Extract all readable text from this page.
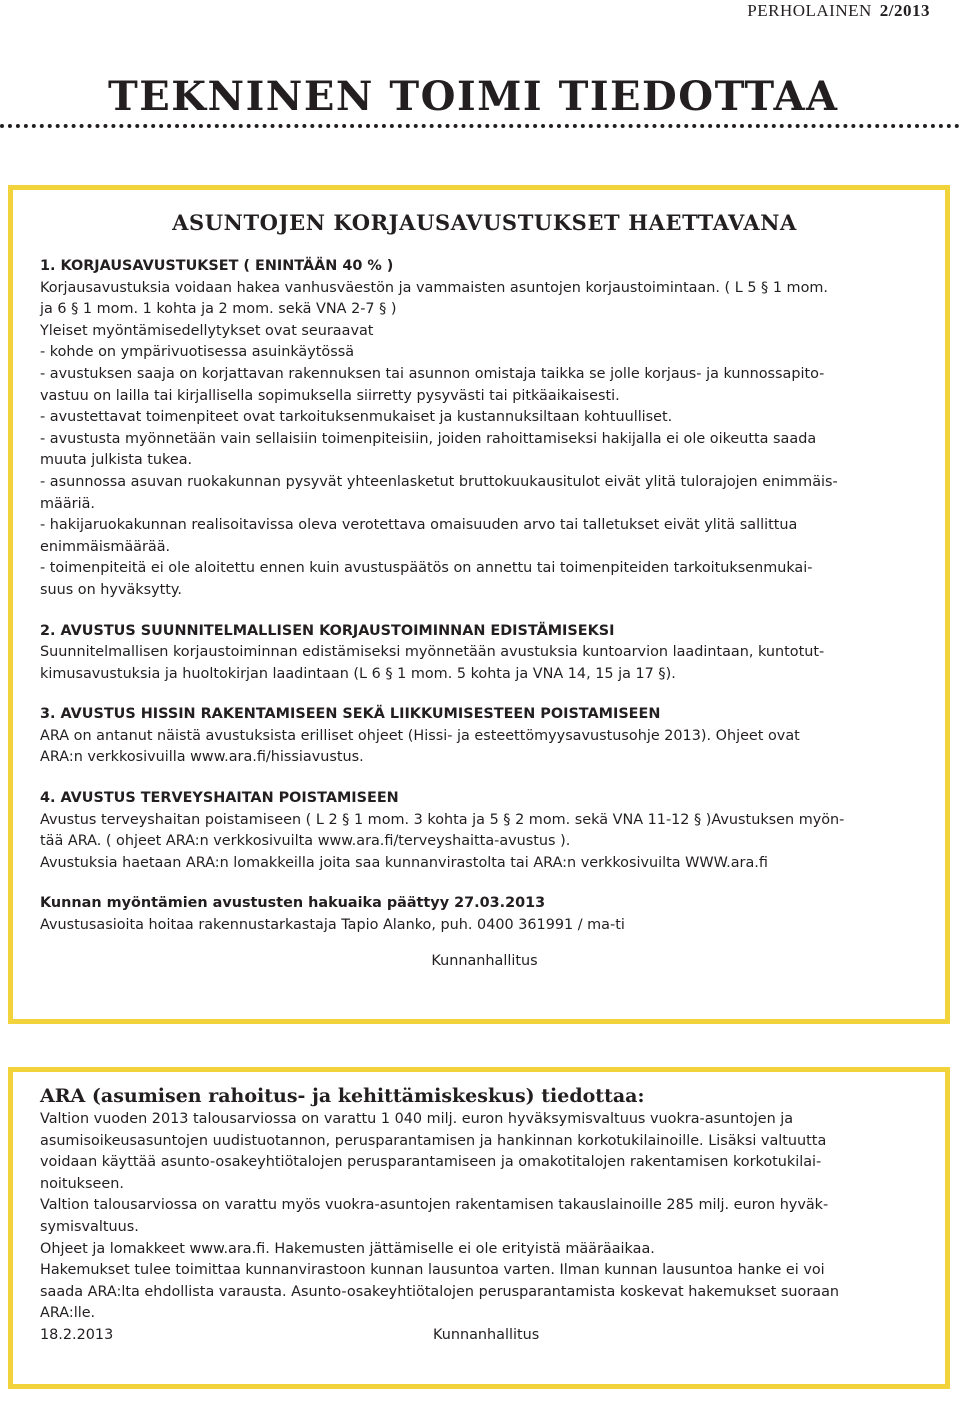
PERHOLAINEN 2/2013
TEKNINEN TOIMI TIEDOTTAA
ASUNTOJEN KORJAUSAVUSTUKSET HAETTAVANA
1. KORJAUSAVUSTUKSET ( ENINTÄÄN 40 % )
Korjausavustuksia voidaan hakea vanhusväestön ja vammaisten asuntojen korjaustoimintaan. ( L 5 § 1 mom.
ja 6 § 1 mom. 1 kohta ja 2 mom. sekä VNA 2-7 § )
Yleiset myöntämisedellytykset ovat seuraavat
- kohde on ympärivuotisessa asuinkäytössä
- avustuksen saaja on korjattavan rakennuksen tai asunnon omistaja taikka se jolle korjaus- ja kunnossapito-
vastuu on lailla tai kirjallisella sopimuksella siirretty pysyvästi tai pitkäaikaisesti.
- avustettavat toimenpiteet ovat tarkoituksenmukaiset ja kustannuksiltaan kohtuulliset.
- avustusta myönnetään vain sellaisiin toimenpiteisiin, joiden rahoittamiseksi hakijalla ei ole oikeutta saada
muuta julkista tukea.
- asunnossa asuvan ruokakunnan pysyvät yhteenlasketut bruttokuukausitulot eivät ylitä tulorajojen enimmäis-
määriä.
- hakijaruokakunnan realisoitavissa oleva verotettava omaisuuden arvo tai talletukset eivät ylitä sallittua
enimmäismäärää.
- toimenpiteitä ei ole aloitettu ennen kuin avustuspäätös on annettu tai toimenpiteiden tarkoituksenmukai-
suus on hyväksytty.
2. AVUSTUS SUUNNITELMALLISEN KORJAUSTOIMINNAN EDISTÄMISEKSI
Suunnitelmallisen korjaustoiminnan edistämiseksi myönnetään avustuksia kuntoarvion laadintaan, kuntotut-
kimusavustuksia ja huoltokirjan laadintaan (L 6 § 1 mom. 5 kohta ja VNA 14, 15 ja 17 §).
3. AVUSTUS HISSIN RAKENTAMISEEN SEKÄ LIIKKUMISESTEEN POISTAMISEEN
ARA on antanut näistä avustuksista erilliset ohjeet (Hissi- ja esteettömyysavustusohje 2013). Ohjeet ovat
ARA:n verkkosivuilla www.ara.fi/hissiavustus.
4. AVUSTUS TERVEYSHAITAN POISTAMISEEN
Avustus terveyshaitan poistamiseen ( L 2 § 1 mom. 3 kohta ja 5 § 2 mom. sekä VNA 11-12 § )Avustuksen myön-
tää ARA. ( ohjeet ARA:n verkkosivuilta www.ara.fi/terveyshaitta-avustus ).
Avustuksia haetaan ARA:n lomakkeilla joita saa kunnanvirastolta tai ARA:n verkkosivuilta WWW.ara.fi
Kunnan myöntämien avustusten hakuaika päättyy 27.03.2013
Avustusasioita hoitaa rakennustarkastaja Tapio Alanko, puh. 0400 361991 / ma-ti
Kunnanhallitus
ARA (asumisen rahoitus- ja kehittämiskeskus) tiedottaa:
Valtion vuoden 2013 talousarviossa on varattu 1 040 milj. euron hyväksymisvaltuus vuokra-asuntojen ja
asumisoikeusasuntojen uudistuotannon, perusparantamisen ja hankinnan korkotukilainoille. Lisäksi valtuutta
voidaan käyttää asunto-osakeyhtiötalojen perusparantamiseen ja omakotitalojen rakentamisen korkotukilai-
noitukseen.
Valtion talousarviossa on varattu myös vuokra-asuntojen rakentamisen takauslainoille 285 milj. euron hyväk-
symisvaltuus.
Ohjeet ja lomakkeet www.ara.fi. Hakemusten jättämiselle ei ole erityistä määräaikaa.
Hakemukset tulee toimittaa kunnanvirastoon kunnan lausuntoa varten. Ilman kunnan lausuntoa hanke ei voi
saada ARA:lta ehdollista varausta. Asunto-osakeyhtiötalojen perusparantamista koskevat hakemukset suoraan
ARA:lle.
18.2.2013	Kunnanhallitus
